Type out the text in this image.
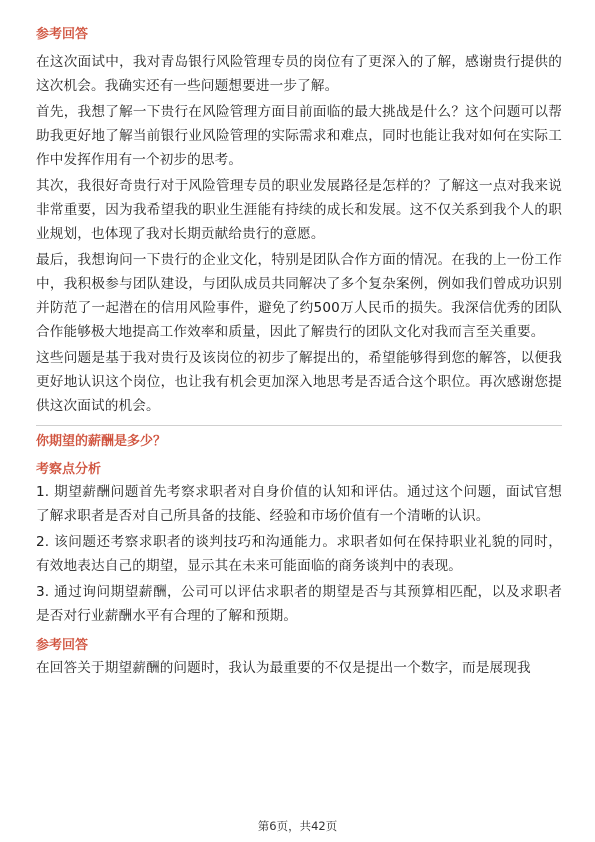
参考回答

在这次面试中，我对青岛银行风险管理专员的岗位有了更深入的了解，感谢贵行提供的这次机会。我确实还有一些问题想要进一步了解。

首先，我想了解一下贵行在风险管理方面目前面临的最大挑战是什么？这个问题可以帮助我更好地了解当前银行业风险管理的实际需求和难点，同时也能让我对如何在实际工作中发挥作用有一个初步的思考。

其次，我很好奇贵行对于风险管理专员的职业发展路径是怎样的？了解这一点对我来说非常重要，因为我希望我的职业生涯能有持续的成长和发展。这不仅关系到我个人的职业规划，也体现了我对长期贡献给贵行的意愿。

最后，我想询问一下贵行的企业文化，特别是团队合作方面的情况。在我的上一份工作中，我积极参与团队建设，与团队成员共同解决了多个复杂案例，例如我们曾成功识别并防范了一起潜在的信用风险事件，避免了约500万人民币的损失。我深信优秀的团队合作能够极大地提高工作效率和质量，因此了解贵行的团队文化对我而言至关重要。

这些问题是基于我对贵行及该岗位的初步了解提出的，希望能够得到您的解答，以便我更好地认识这个岗位，也让我有机会更加深入地思考是否适合这个职位。再次感谢您提供这次面试的机会。

你期望的薪酬是多少？
考察点分析

1. 期望薪酬问题首先考察求职者对自身价值的认知和评估。通过这个问题，面试官想了解求职者是否对自己所具备的技能、经验和市场价值有一个清晰的认识。

2. 该问题还考察求职者的谈判技巧和沟通能力。求职者如何在保持职业礼貌的同时，有效地表达自己的期望，显示其在未来可能面临的商务谈判中的表现。

3. 通过询问期望薪酬，公司可以评估求职者的期望是否与其预算相匹配，以及求职者是否对行业薪酬水平有合理的了解和预期。

参考回答

在回答关于期望薪酬的问题时，我认为最重要的不仅是提出一个数字，而是展现我

第6页，共42页
